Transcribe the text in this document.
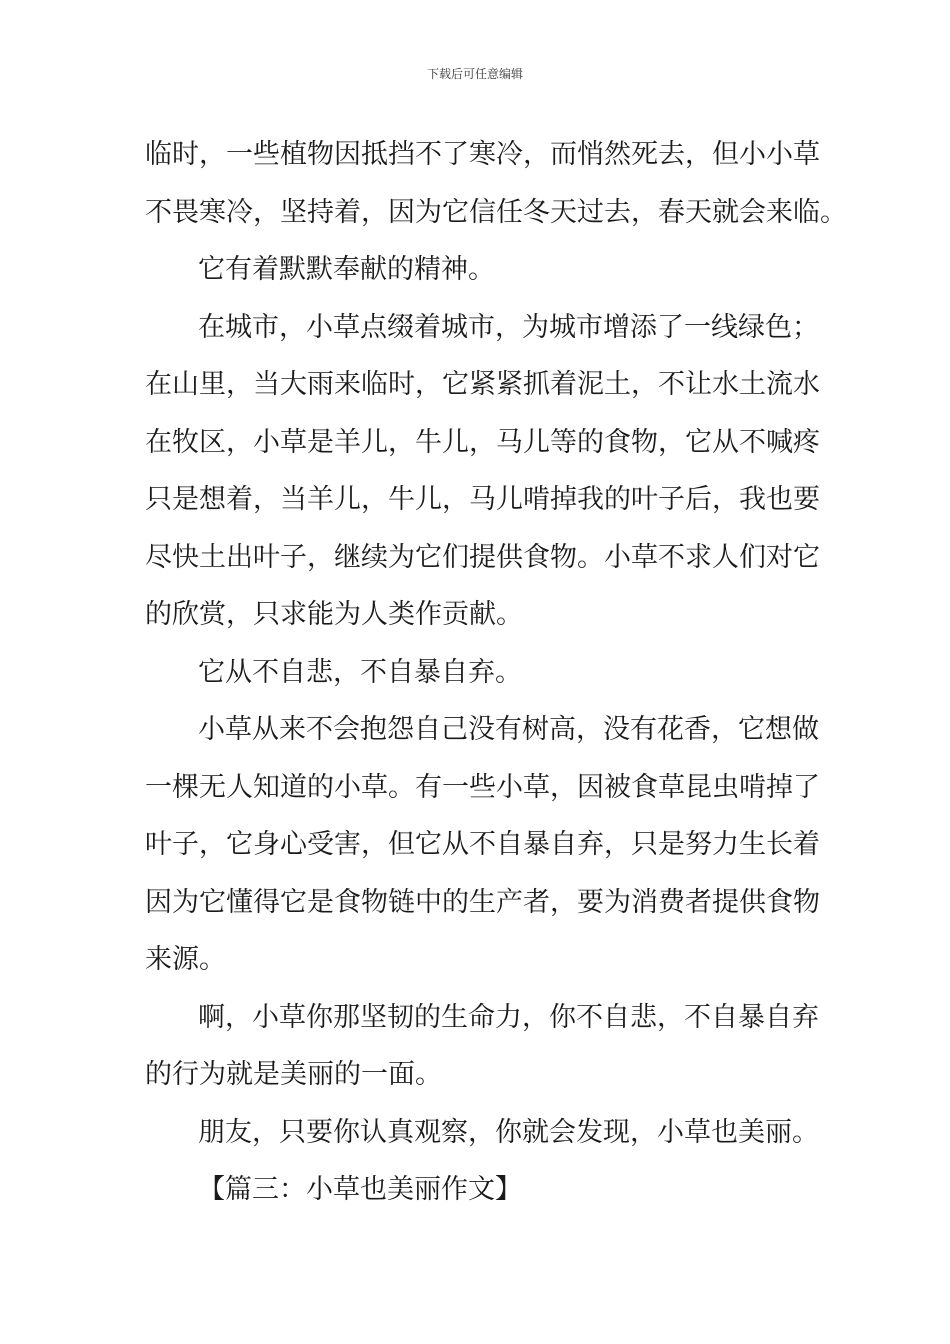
下载后可任意编辑
临时，一些植物因抵挡不了寒冷，而悄然死去，但小小草
不畏寒冷，坚持着，因为它信任冬天过去，春天就会来临。
它有着默默奉献的精神。
在城市，小草点缀着城市，为城市增添了一线绿色；
在山里，当大雨来临时，它紧紧抓着泥土，不让水土流水
在牧区，小草是羊儿，牛儿，马儿等的食物，它从不喊疼
只是想着，当羊儿，牛儿，马儿啃掉我的叶子后，我也要
尽快土出叶子，继续为它们提供食物。小草不求人们对它
的欣赏，只求能为人类作贡献。
它从不自悲，不自暴自弃。
小草从来不会抱怨自己没有树高，没有花香，它想做
一棵无人知道的小草。有一些小草，因被食草昆虫啃掉了
叶子，它身心受害，但它从不自暴自弃，只是努力生长着
因为它懂得它是食物链中的生产者，要为消费者提供食物
来源。
啊，小草你那坚韧的生命力，你不自悲，不自暴自弃
的行为就是美丽的一面。
朋友，只要你认真观察，你就会发现，小草也美丽。
【篇三：小草也美丽作文】
